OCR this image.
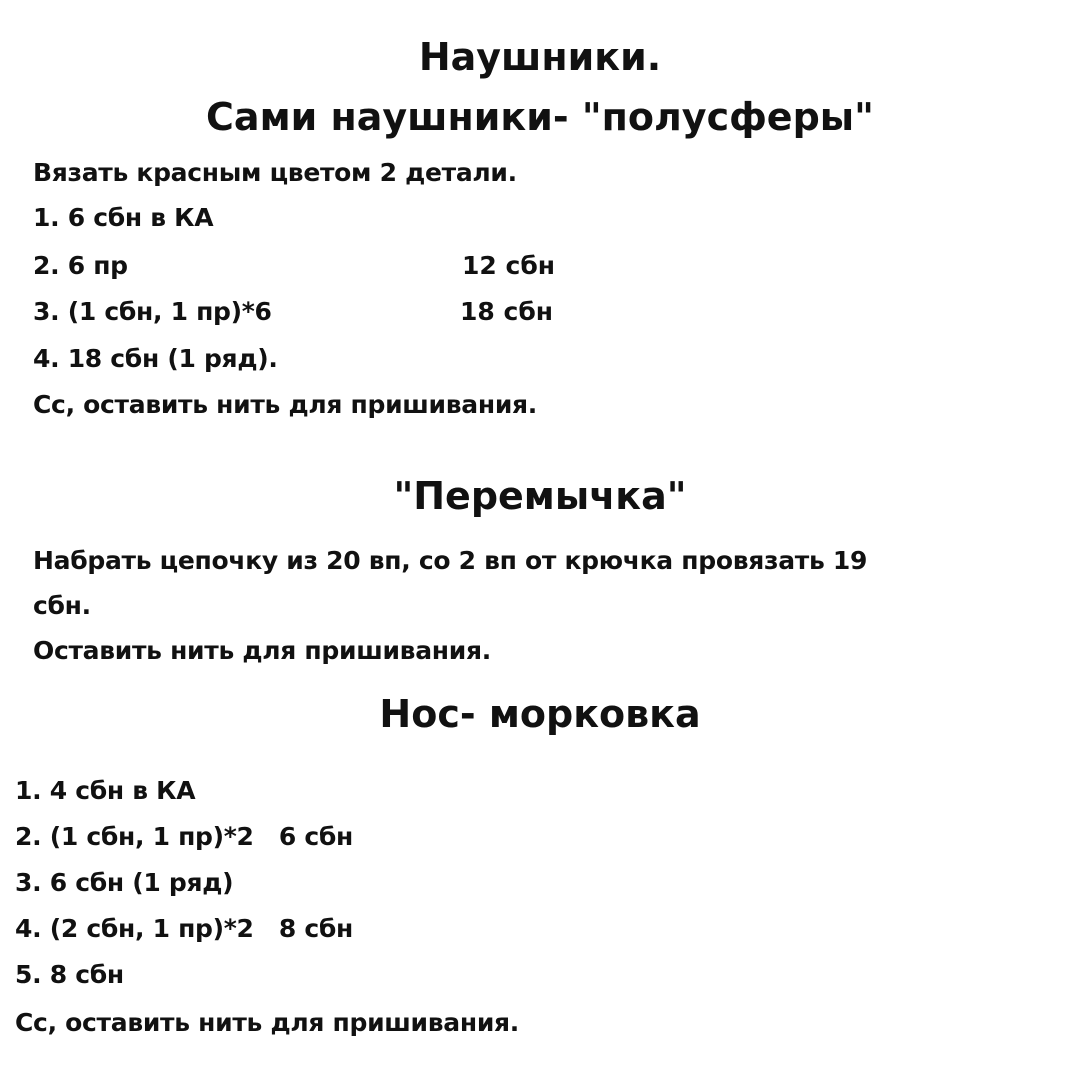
Наушники.
Сами наушники- "полусферы"
Вязать красным цветом 2 детали.
1. 6 сбн в КА
2. 6 пр	12 сбн
3. (1 сбн, 1 пр)*6	18 сбн
4. 18 сбн (1 ряд).
Сс, оставить нить для пришивания.
"Перемычка"
Набрать цепочку из 20 вп, со 2 вп от крючка провязать 19
сбн.
Оставить нить для пришивания.
Нос- морковка
1. 4 сбн в КА
2. (1 сбн, 1 пр)*2   6 сбн
3. 6 сбн (1 ряд)
4. (2 сбн, 1 пр)*2   8 сбн
5. 8 сбн
Сс, оставить нить для пришивания.
